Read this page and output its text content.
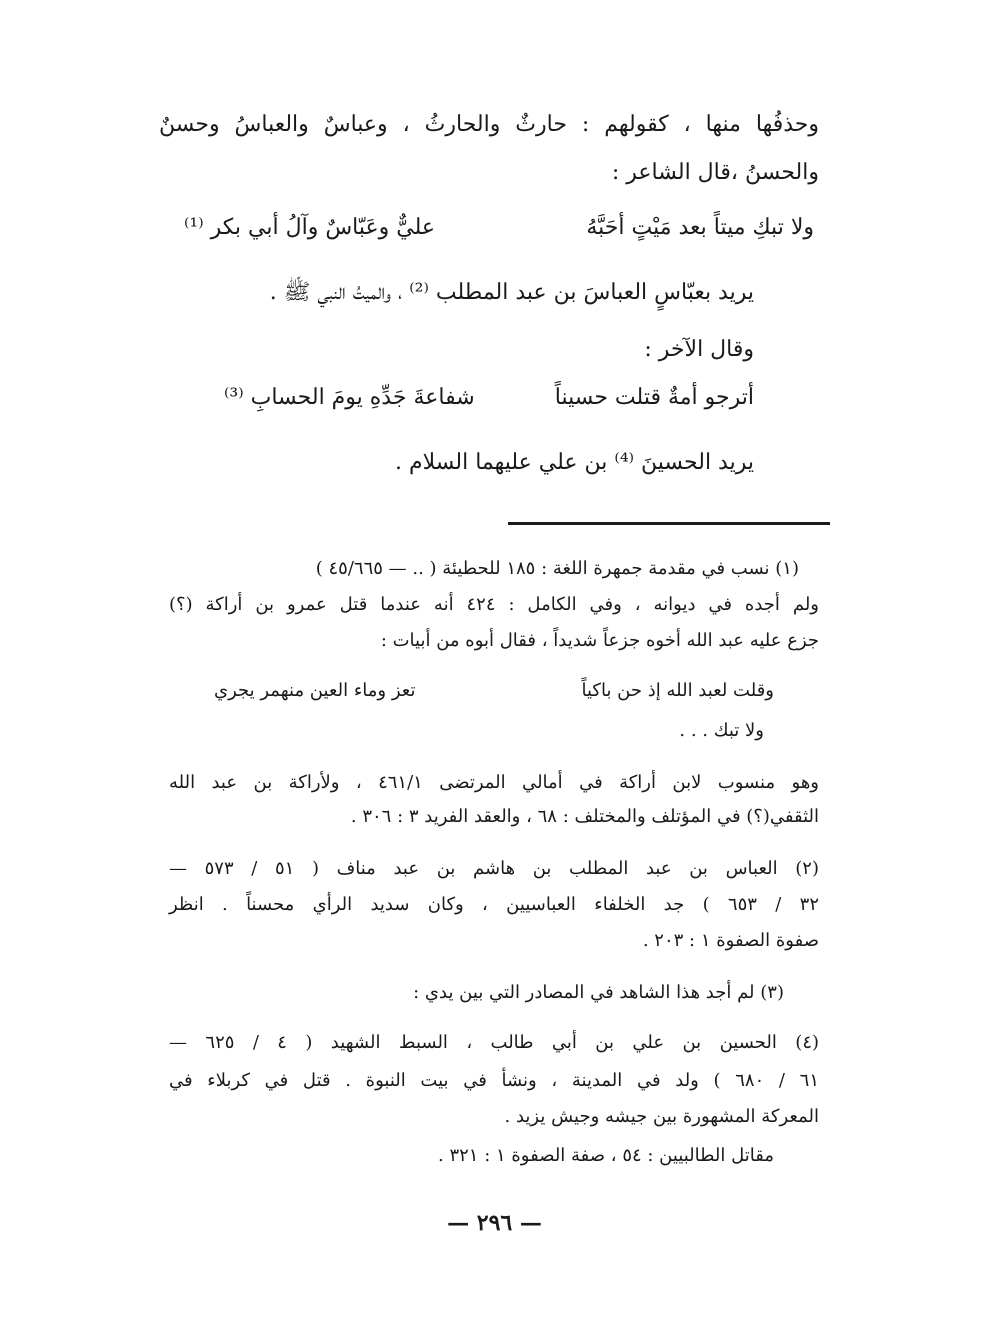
وحذفُها منها ، كقولهم : حارثٌ والحارثُ ، وعباسٌ والعباسُ وحسنٌ

والحسنُ ،قال الشاعر :

ولا تبكِ ميتاً بعد مَيْتٍ أحَبَّهُ
عليٌّ وعَبّاسٌ وآلُ أبي بكر ⁽¹⁾

يريد بعبّاسٍ العباسَ بن عبد المطلب ⁽²⁾ ، والميتُ النبي ﷺ .

وقال الآخر :

أترجو أمةٌ قتلت حسيناً
شفاعةَ جَدِّهِ يومَ الحسابِ ⁽³⁾

يريد الحسينَ ⁽⁴⁾ بن علي عليهما السلام .

(١) نسب في مقدمة جمهرة اللغة : ١٨٥ للحطيئة ( .. — ٤٥/٦٦٥ )

ولم أجده في ديوانه ، وفي الكامل : ٤٢٤ أنه عندما قتل عمرو بن أراكة (؟)

جزع عليه عبد الله أخوه جزعاً شديداً ، فقال أبوه من أبيات :

وقلت لعبد الله إذ حن باكياً
تعز وماء العين منهمر يجري

ولا تبك . . .

وهو منسوب لابن أراكة في أمالي المرتضى ٤٦١/١ ، ولأراكة بن عبد الله

الثقفي(؟) في المؤتلف والمختلف : ٦٨ ، والعقد الفريد ٣ : ٣٠٦ .

(٢) العباس بن عبد المطلب بن هاشم بن عبد مناف ( ٥١ / ٥٧٣ —

٣٢ / ٦٥٣ ) جد الخلفاء العباسيين ، وكان سديد الرأي محسناً . انظر

صفوة الصفوة ١ : ٢٠٣ .

(٣) لم أجد هذا الشاهد في المصادر التي بين يدي :

(٤) الحسين بن علي بن أبي طالب ، السبط الشهيد ( ٤ / ٦٢٥ —

٦١ / ٦٨٠ ) ولد في المدينة ، ونشأ في بيت النبوة . قتل في كربلاء في

المعركة المشهورة بين جيشه وجيش يزيد .

مقاتل الطالبيين : ٥٤ ، صفة الصفوة ١ : ٣٢١ .

— ٢٩٦ —
